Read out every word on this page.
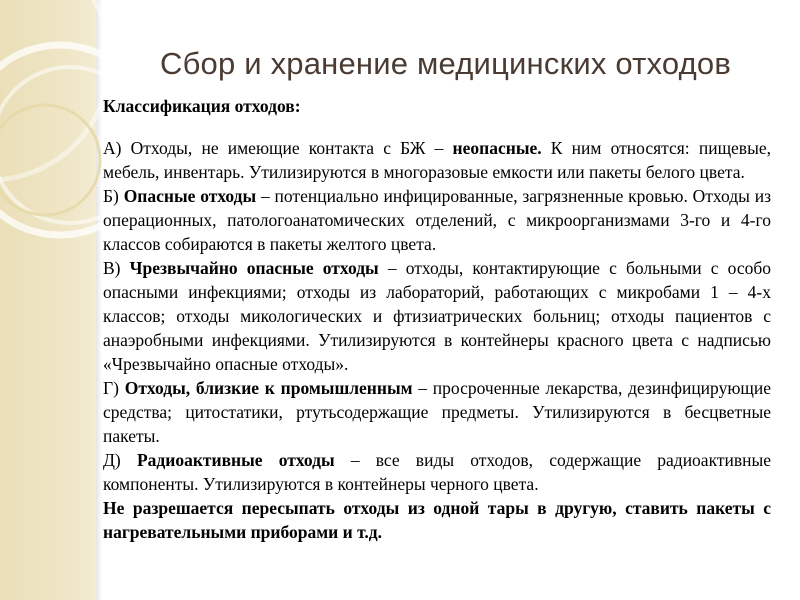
Сбор и хранение медицинских отходов

Классификация отходов:

А) Отходы, не имеющие контакта с БЖ – неопасные. К ним относятся: пищевые, мебель, инвентарь. Утилизируются в многоразовые емкости или пакеты белого цвета.

Б) Опасные отходы – потенциально инфицированные, загрязненные кровью. Отходы из операционных, патологоанатомических отделений, с микроорганизмами 3-го и 4-го классов собираются в пакеты желтого цвета.

В) Чрезвычайно опасные отходы – отходы, контактирующие с больными с особо опасными инфекциями; отходы из лабораторий, работающих с микробами 1 – 4-х классов; отходы микологических и фтизиатрических больниц; отходы пациентов с анаэробными инфекциями. Утилизируются в контейнеры красного цвета с надписью «Чрезвычайно опасные отходы».

Г) Отходы, близкие к промышленным – просроченные лекарства, дезинфицирующие средства; цитостатики, ртутьсодержащие предметы. Утилизируются в бесцветные пакеты.

Д) Радиоактивные отходы – все виды отходов, содержащие радиоактивные компоненты. Утилизируются в контейнеры черного цвета.

Не разрешается пересыпать отходы из одной тары в другую, ставить пакеты с нагревательными приборами и т.д.
